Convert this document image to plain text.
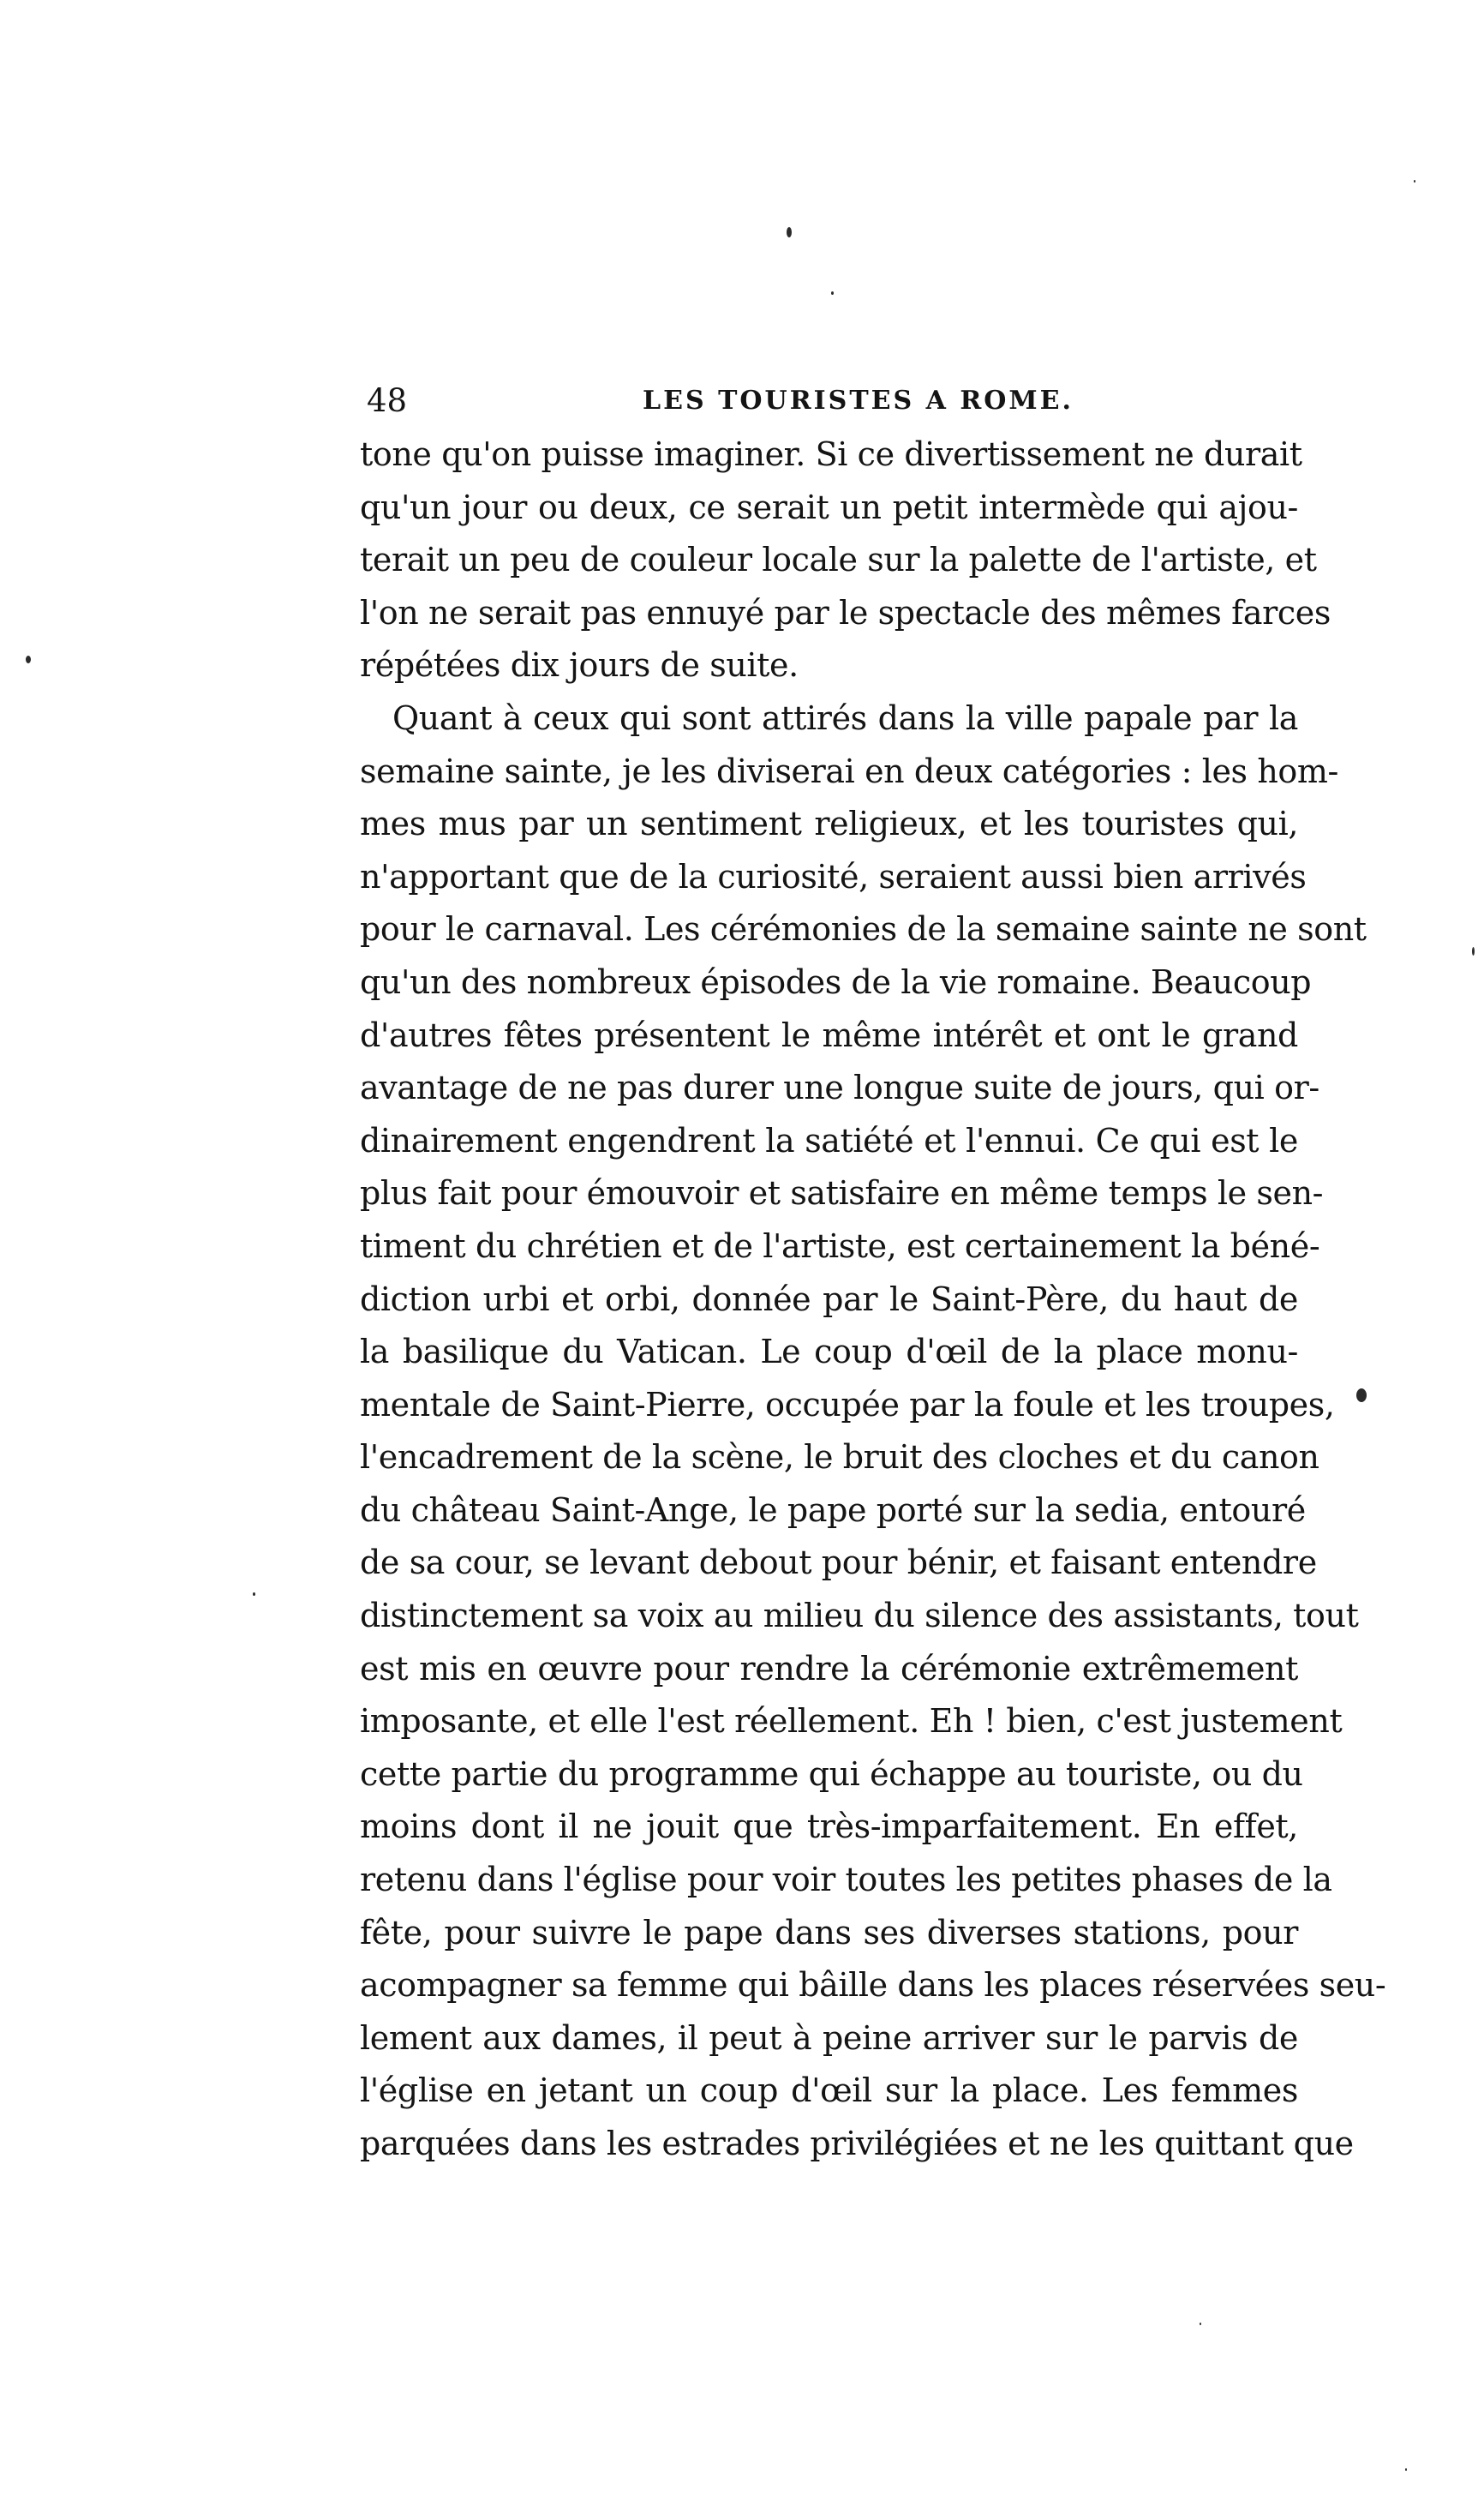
48	LES TOURISTES A ROME.
tone qu'on puisse imaginer. Si ce divertissement ne durait
qu'un jour ou deux, ce serait un petit intermède qui ajou-
terait un peu de couleur locale sur la palette de l'artiste, et
l'on ne serait pas ennuyé par le spectacle des mêmes farces
répétées dix jours de suite.
Quant à ceux qui sont attirés dans la ville papale par la
semaine sainte, je les diviserai en deux catégories : les hom-
mes mus par un sentiment religieux, et les touristes qui,
n'apportant que de la curiosité, seraient aussi bien arrivés
pour le carnaval. Les cérémonies de la semaine sainte ne sont
qu'un des nombreux épisodes de la vie romaine. Beaucoup
d'autres fêtes présentent le même intérêt et ont le grand
avantage de ne pas durer une longue suite de jours, qui or-
dinairement engendrent la satiété et l'ennui. Ce qui est le
plus fait pour émouvoir et satisfaire en même temps le sen-
timent du chrétien et de l'artiste, est certainement la béné-
diction urbi et orbi, donnée par le Saint-Père, du haut de
la basilique du Vatican. Le coup d'œil de la place monu-
mentale de Saint-Pierre, occupée par la foule et les troupes,
l'encadrement de la scène, le bruit des cloches et du canon
du château Saint-Ange, le pape porté sur la sedia, entouré
de sa cour, se levant debout pour bénir, et faisant entendre
distinctement sa voix au milieu du silence des assistants, tout
est mis en œuvre pour rendre la cérémonie extrêmement
imposante, et elle l'est réellement. Eh ! bien, c'est justement
cette partie du programme qui échappe au touriste, ou du
moins dont il ne jouit que très-imparfaitement. En effet,
retenu dans l'église pour voir toutes les petites phases de la
fête, pour suivre le pape dans ses diverses stations, pour
acompagner sa femme qui bâille dans les places réservées seu-
lement aux dames, il peut à peine arriver sur le parvis de
l'église en jetant un coup d'œil sur la place. Les femmes
parquées dans les estrades privilégiées et ne les quittant que
